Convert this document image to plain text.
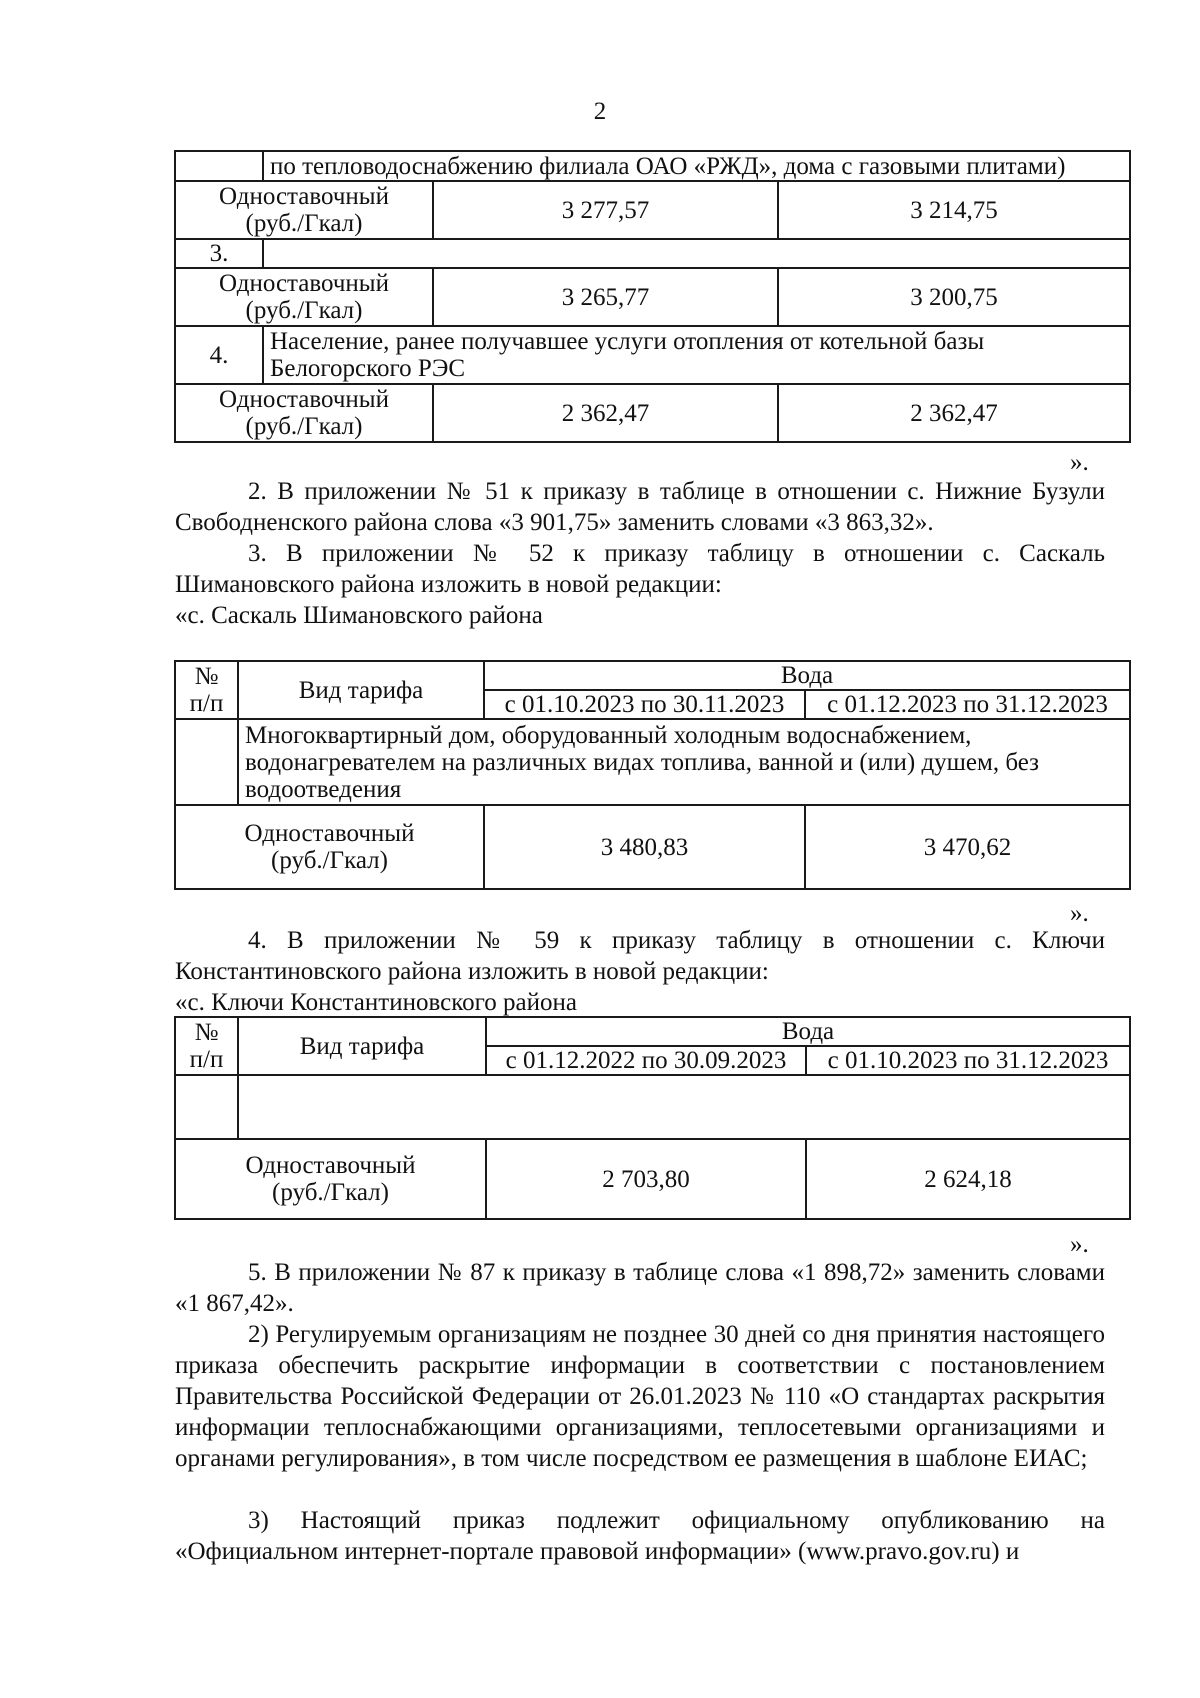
2
	по тепловодоснабжению филиала ОАО «РЖД», дома с газовыми плитами)		

Одноставочный
(руб./Гкал)		3 277,57	3 214,75
3.			

Одноставочный
(руб./Гкал)		3 265,77	3 200,75
4.	Население, ранее получавшее услуги отопления от котельной базы
Белогорского РЭС		

Одноставочный
(руб./Гкал)		2 362,47	2 362,47
».
2. В приложении № 51 к приказу в таблице в отношении с. Нижние Бузули Свободненского района слова «3 901,75» заменить словами «3 863,32».
3. В приложении № 52 к приказу таблицу в отношении с. Саскаль Шимановского района изложить в новой редакции:
«с. Саскаль Шимановского района
№
п/п	Вид тарифа	Вода	
		с 01.10.2023 по 30.11.2023	с 01.12.2023 по 31.12.2023
	Многоквартирный дом, оборудованный холодным водоснабжением, водонагревателем на различных видах топлива, ванной и (или) душем, без водоотведения		

Одноставочный
(руб./Гкал)		3 480,83	3 470,62
».
4. В приложении № 59 к приказу таблицу в отношении с. Ключи Константиновского района изложить в новой редакции:
«с. Ключи Константиновского района
№
п/п	Вид тарифа	Вода	
		с 01.12.2022 по 30.09.2023	с 01.10.2023 по 31.12.2023

Одноставочный
(руб./Гкал)		2 703,80	2 624,18
».
5. В приложении № 87 к приказу в таблице слова «1 898,72» заменить словами «1 867,42».
2) Регулируемым организациям не позднее 30 дней со дня принятия настоящего приказа обеспечить раскрытие информации в соответствии с постановлением Правительства Российской Федерации от 26.01.2023 № 110 «О стандартах раскрытия информации теплоснабжающими организациями, теплосетевыми организациями и органами регулирования», в том числе посредством ее размещения в шаблоне ЕИАС;
3) Настоящий приказ подлежит официальному опубликованию на «Официальном интернет-портале правовой информации» (www.pravo.gov.ru) и
